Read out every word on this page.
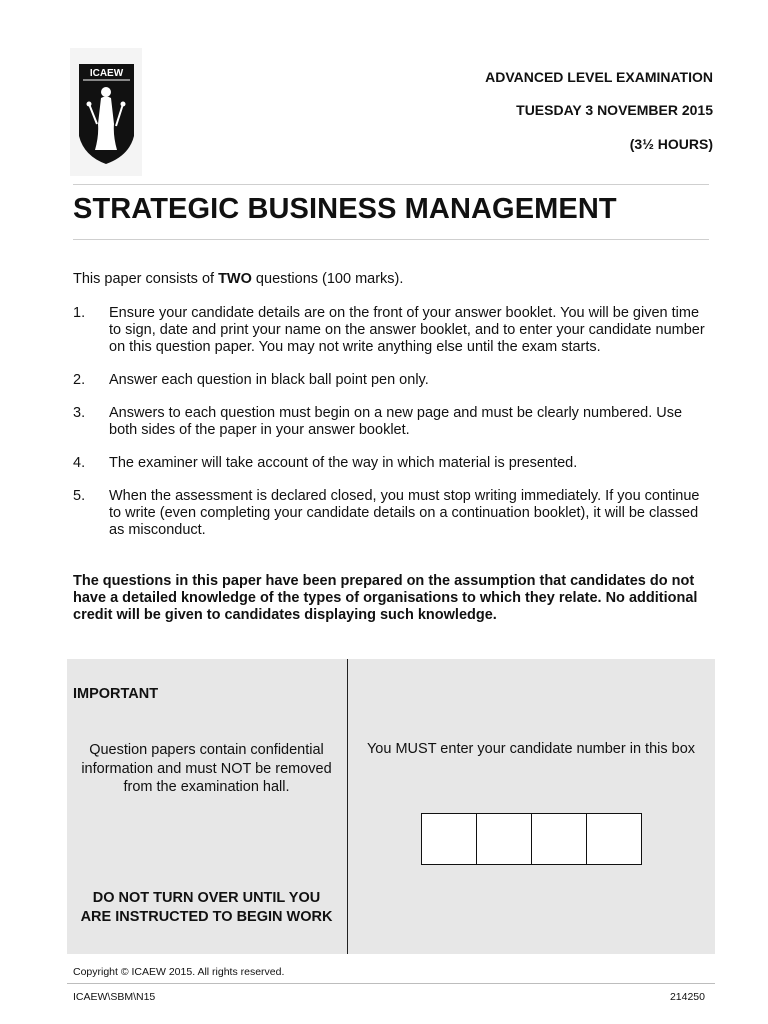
ICAEW	ADVANCED LEVEL EXAMINATION
TUESDAY 3 NOVEMBER 2015
(3½ HOURS)
STRATEGIC BUSINESS MANAGEMENT
This paper consists of TWO questions (100 marks).
1.	Ensure your candidate details are on the front of your answer booklet. You will be given time to sign, date and print your name on the answer booklet, and to enter your candidate number on this question paper. You may not write anything else until the exam starts.
2.	Answer each question in black ball point pen only.
3.	Answers to each question must begin on a new page and must be clearly numbered. Use both sides of the paper in your answer booklet.
4.	The examiner will take account of the way in which material is presented.
5.	When the assessment is declared closed, you must stop writing immediately. If you continue to write (even completing your candidate details on a continuation booklet), it will be classed as misconduct.
The questions in this paper have been prepared on the assumption that candidates do not have a detailed knowledge of the types of organisations to which they relate. No additional credit will be given to candidates displaying such knowledge.
IMPORTANT
Question papers contain confidential information and must NOT be removed from the examination hall.
DO NOT TURN OVER UNTIL YOU ARE INSTRUCTED TO BEGIN WORK
You MUST enter your candidate number in this box
Copyright © ICAEW 2015. All rights reserved.
ICAEW\SBM\N15	214250
